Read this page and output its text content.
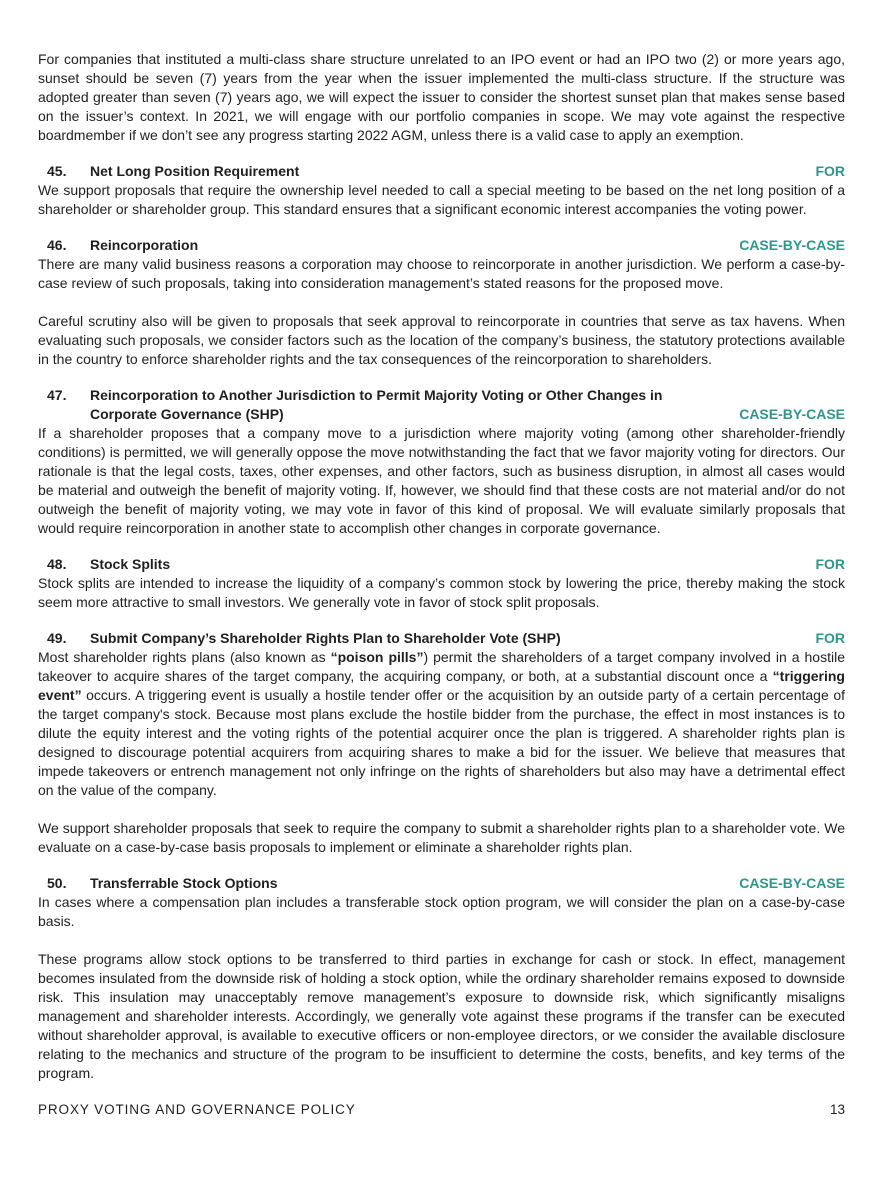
For companies that instituted a multi-class share structure unrelated to an IPO event or had an IPO two (2) or more years ago, sunset should be seven (7) years from the year when the issuer implemented the multi-class structure. If the structure was adopted greater than seven (7) years ago, we will expect the issuer to consider the shortest sunset plan that makes sense based on the issuer’s context. In 2021, we will engage with our portfolio companies in scope. We may vote against the respective boardmember if we don’t see any progress starting 2022 AGM, unless there is a valid case to apply an exemption.

45.	Net Long Position Requirement	FOR

We support proposals that require the ownership level needed to call a special meeting to be based on the net long position of a shareholder or shareholder group. This standard ensures that a significant economic interest accompanies the voting power.

46.	Reincorporation	CASE-BY-CASE

There are many valid business reasons a corporation may choose to reincorporate in another jurisdiction. We perform a case-by-case review of such proposals, taking into consideration management’s stated reasons for the proposed move.

Careful scrutiny also will be given to proposals that seek approval to reincorporate in countries that serve as tax havens. When evaluating such proposals, we consider factors such as the location of the company’s business, the statutory protections available in the country to enforce shareholder rights and the tax consequences of the reincorporation to shareholders.

47.	Reincorporation to Another Jurisdiction to Permit Majority Voting or Other Changes in Corporate Governance (SHP)	CASE-BY-CASE

If a shareholder proposes that a company move to a jurisdiction where majority voting (among other shareholder-friendly conditions) is permitted, we will generally oppose the move notwithstanding the fact that we favor majority voting for directors. Our rationale is that the legal costs, taxes, other expenses, and other factors, such as business disruption, in almost all cases would be material and outweigh the benefit of majority voting. If, however, we should find that these costs are not material and/or do not outweigh the benefit of majority voting, we may vote in favor of this kind of proposal. We will evaluate similarly proposals that would require reincorporation in another state to accomplish other changes in corporate governance.

48.	Stock Splits	FOR

Stock splits are intended to increase the liquidity of a company’s common stock by lowering the price, thereby making the stock seem more attractive to small investors. We generally vote in favor of stock split proposals.

49.	Submit Company’s Shareholder Rights Plan to Shareholder Vote (SHP)	FOR

Most shareholder rights plans (also known as “poison pills”) permit the shareholders of a target company involved in a hostile takeover to acquire shares of the target company, the acquiring company, or both, at a substantial discount once a “triggering event” occurs. A triggering event is usually a hostile tender offer or the acquisition by an outside party of a certain percentage of the target company's stock. Because most plans exclude the hostile bidder from the purchase, the effect in most instances is to dilute the equity interest and the voting rights of the potential acquirer once the plan is triggered. A shareholder rights plan is designed to discourage potential acquirers from acquiring shares to make a bid for the issuer. We believe that measures that impede takeovers or entrench management not only infringe on the rights of shareholders but also may have a detrimental effect on the value of the company.

We support shareholder proposals that seek to require the company to submit a shareholder rights plan to a shareholder vote. We evaluate on a case-by-case basis proposals to implement or eliminate a shareholder rights plan.

50.	Transferrable Stock Options	CASE-BY-CASE

In cases where a compensation plan includes a transferable stock option program, we will consider the plan on a case-by-case basis.

These programs allow stock options to be transferred to third parties in exchange for cash or stock. In effect, management becomes insulated from the downside risk of holding a stock option, while the ordinary shareholder remains exposed to downside risk. This insulation may unacceptably remove management’s exposure to downside risk, which significantly misaligns management and shareholder interests. Accordingly, we generally vote against these programs if the transfer can be executed without shareholder approval, is available to executive officers or non-employee directors, or we consider the available disclosure relating to the mechanics and structure of the program to be insufficient to determine the costs, benefits, and key terms of the program.

PROXY VOTING AND GOVERNANCE POLICY	13
